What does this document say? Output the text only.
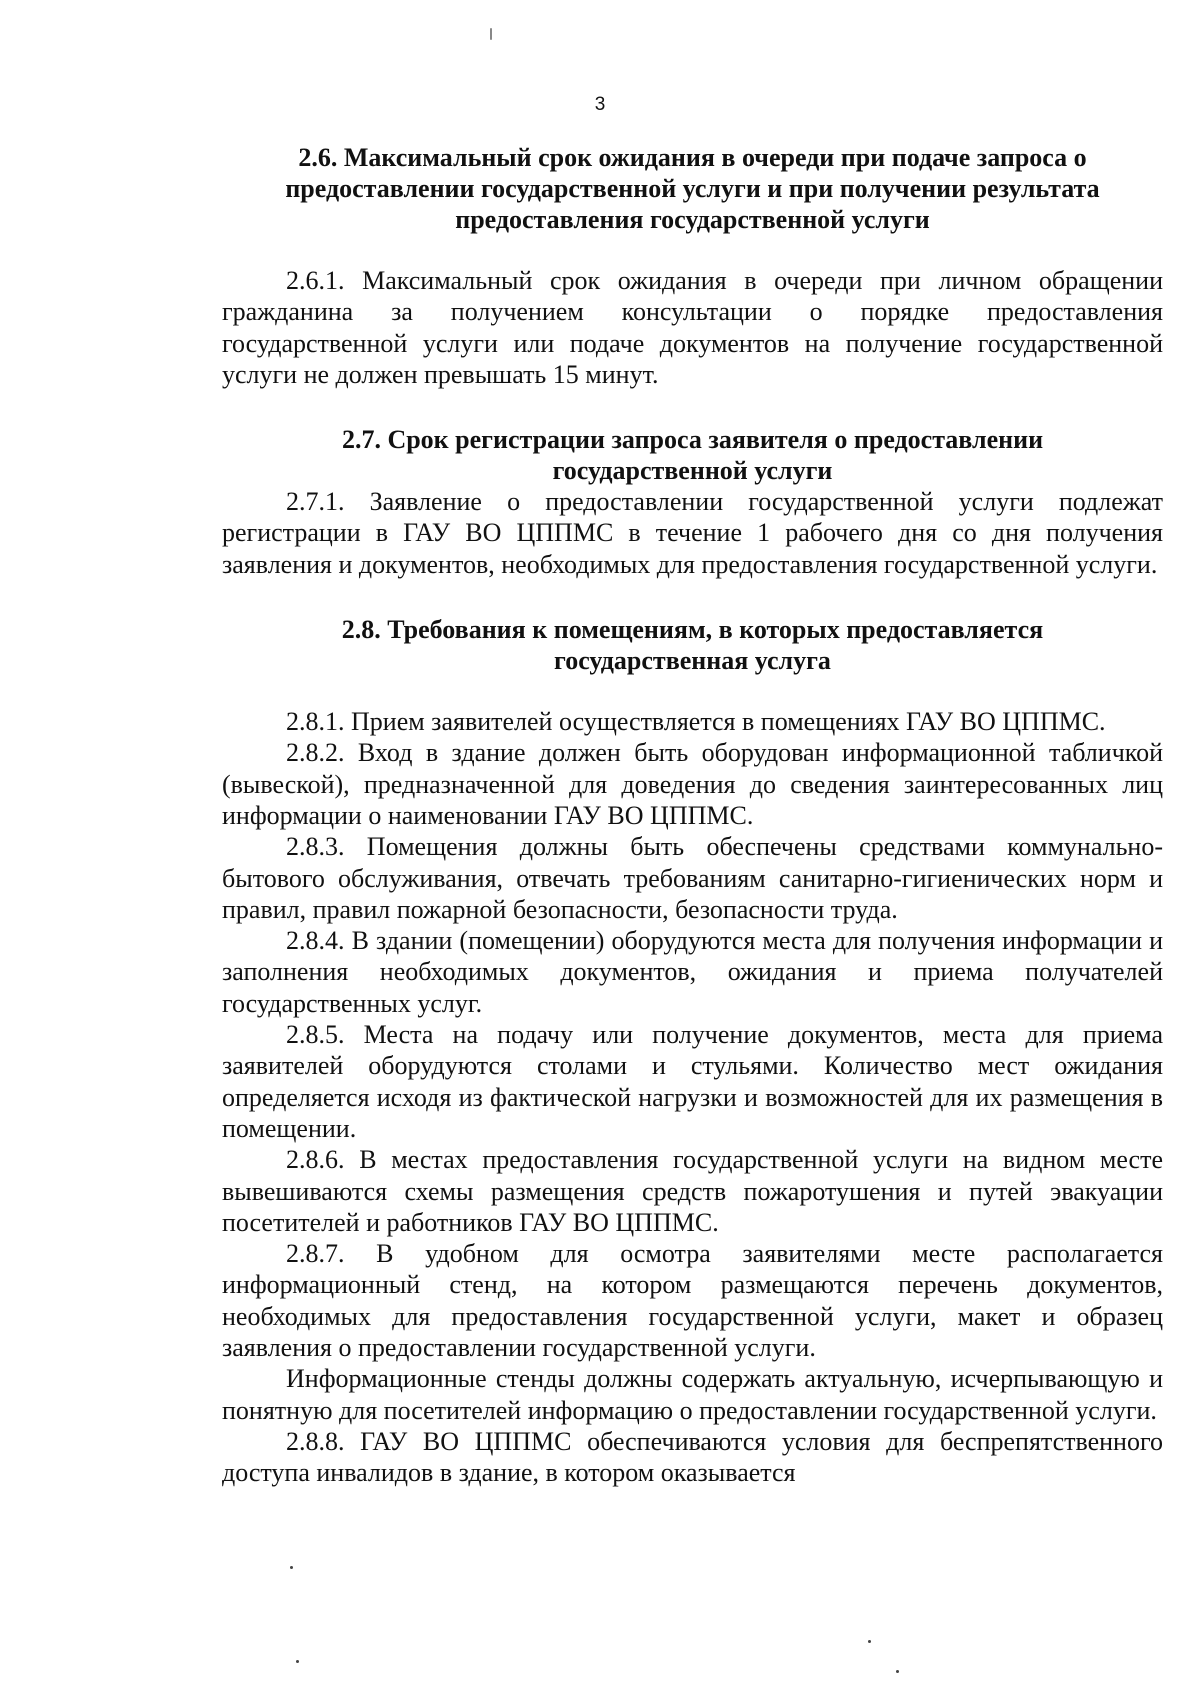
3
2.6. Максимальный срок ожидания в очереди при подаче запроса о предоставлении государственной услуги и при получении результата предоставления государственной услуги

2.6.1. Максимальный срок ожидания в очереди при личном обращении гражданина за получением консультации о порядке предоставления государственной услуги или подаче документов на получение государственной услуги не должен превышать 15 минут.

2.7. Срок регистрации запроса заявителя о предоставлении государственной услуги

2.7.1. Заявление о предоставлении государственной услуги подлежат регистрации в ГАУ ВО ЦППМС в течение 1 рабочего дня со дня получения заявления и документов, необходимых для предоставления государственной услуги.

2.8. Требования к помещениям, в которых предоставляется государственная услуга

2.8.1. Прием заявителей осуществляется в помещениях ГАУ ВО ЦППМС.

2.8.2. Вход в здание должен быть оборудован информационной табличкой (вывеской), предназначенной для доведения до сведения заинтересованных лиц информации о наименовании ГАУ ВО ЦППМС.

2.8.3. Помещения должны быть обеспечены средствами коммунально-бытового обслуживания, отвечать требованиям санитарно-гигиенических норм и правил, правил пожарной безопасности, безопасности труда.

2.8.4. В здании (помещении) оборудуются места для получения информации и заполнения необходимых документов, ожидания и приема получателей государственных услуг.

2.8.5. Места на подачу или получение документов, места для приема заявителей оборудуются столами и стульями. Количество мест ожидания определяется исходя из фактической нагрузки и возможностей для их размещения в помещении.

2.8.6. В местах предоставления государственной услуги на видном месте вывешиваются схемы размещения средств пожаротушения и путей эвакуации посетителей и работников ГАУ ВО ЦППМС.

2.8.7. В удобном для осмотра заявителями месте располагается информационный стенд, на котором размещаются перечень документов, необходимых для предоставления государственной услуги, макет и образец заявления о предоставлении государственной услуги.

Информационные стенды должны содержать актуальную, исчерпывающую и понятную для посетителей информацию о предоставлении государственной услуги.

2.8.8. ГАУ ВО ЦППМС обеспечиваются условия для беспрепятственного доступа инвалидов в здание, в котором оказывается
